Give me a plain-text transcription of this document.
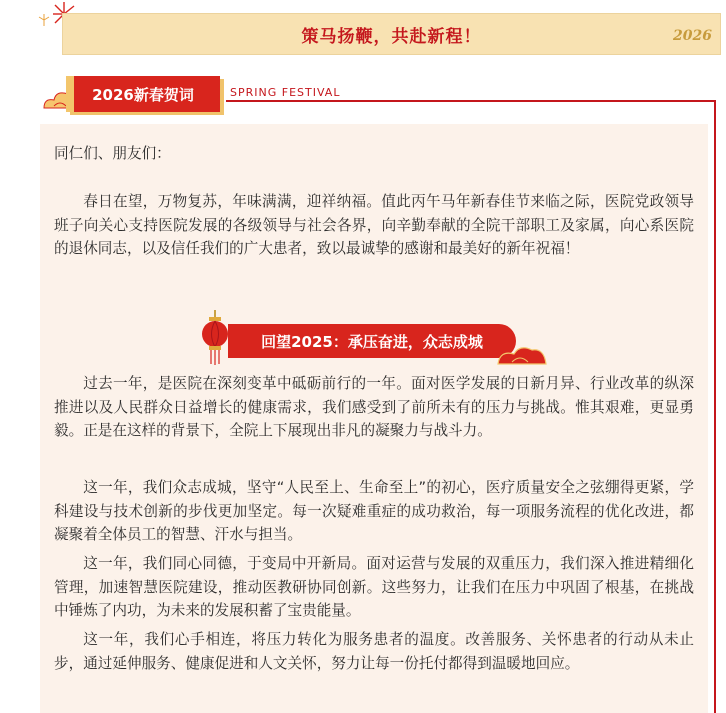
策马扬鞭，共赴新程！	2026
2026新春贺词	SPRING FESTIVAL

同仁们、朋友们：

春日在望，万物复苏，年味满满，迎祥纳福。值此丙午马年新春佳节来临之际，医院党政领导班子向关心支持医院发展的各级领导与社会各界，向辛勤奉献的全院干部职工及家属，向心系医院的退休同志，以及信任我们的广大患者，致以最诚挚的感谢和最美好的新年祝福！

过去一年，是医院在深刻变革中砥砺前行的一年。面对医学发展的日新月异、行业改革的纵深推进以及人民群众日益增长的健康需求，我们感受到了前所未有的压力与挑战。惟其艰难，更显勇毅。正是在这样的背景下，全院上下展现出非凡的凝聚力与战斗力。

这一年，我们众志成城，坚守“人民至上、生命至上”的初心，医疗质量安全之弦绷得更紧，学科建设与技术创新的步伐更加坚定。每一次疑难重症的成功救治，每一项服务流程的优化改进，都凝聚着全体员工的智慧、汗水与担当。

这一年，我们同心同德，于变局中开新局。面对运营与发展的双重压力，我们深入推进精细化管理，加速智慧医院建设，推动医教研协同创新。这些努力，让我们在压力中巩固了根基，在挑战中锤炼了内功，为未来的发展积蓄了宝贵能量。

这一年，我们心手相连，将压力转化为服务患者的温度。改善服务、关怀患者的行动从未止步，通过延伸服务、健康促进和人文关怀，努力让每一份托付都得到温暖地回应。

回望2025：承压奋进，众志成城
